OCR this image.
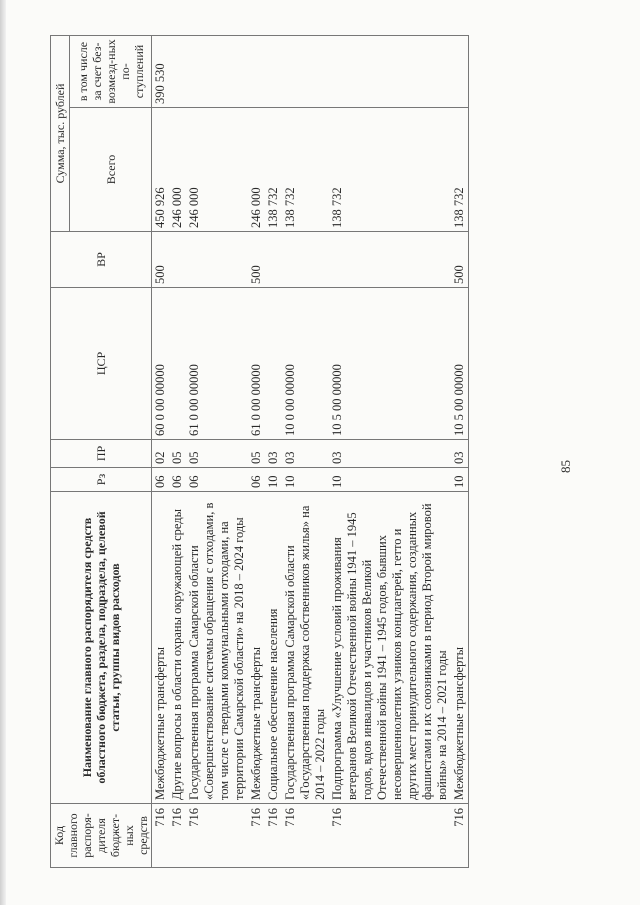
Код главного распоря-дителя бюджет-ных средств	Наименование главного распорядителя средств областного бюджета, раздела, подраздела, целевой статьи, группы видов расходов	Рз	ПР	ЦСР	ВР	Сумма, тыс. рублей	
						Всего	в том числе за счет без-возмезд-ных по-ступлений
716	Межбюджетные трансферты	06	02	60 0 00 00000	500	450 926	390 530
716	Другие вопросы в области охраны окружающей среды	06	05			246 000	
716	Государственная программа Самарской области «Совершенствование системы обращения с отходами, в том числе с твердыми коммунальными отходами, на территории Самарской области» на 2018 – 2024 годы	06	05	61 0 00 00000		246 000	
716	Межбюджетные трансферты	06	05	61 0 00 00000	500	246 000	
716	Социальное обеспечение населения	10	03			138 732	
716	Государственная программа Самарской области «Государственная поддержка собственников жилья» на 2014 – 2022 годы	10	03	10 0 00 00000		138 732	
716	Подпрограмма «Улучшение условий проживания ветеранов Великой Отечественной войны 1941 – 1945 годов, вдов инвалидов и участников Великой Отечественной войны 1941 – 1945 годов, бывших несовершеннолетних узников концлагерей, гетто и других мест принудительного содержания, созданных фашистами и их союзниками в период Второй мировой войны» на 2014 – 2021 годы	10	03	10 5 00 00000		138 732	
716	Межбюджетные трансферты	10	03	10 5 00 00000	500	138 732	
85
